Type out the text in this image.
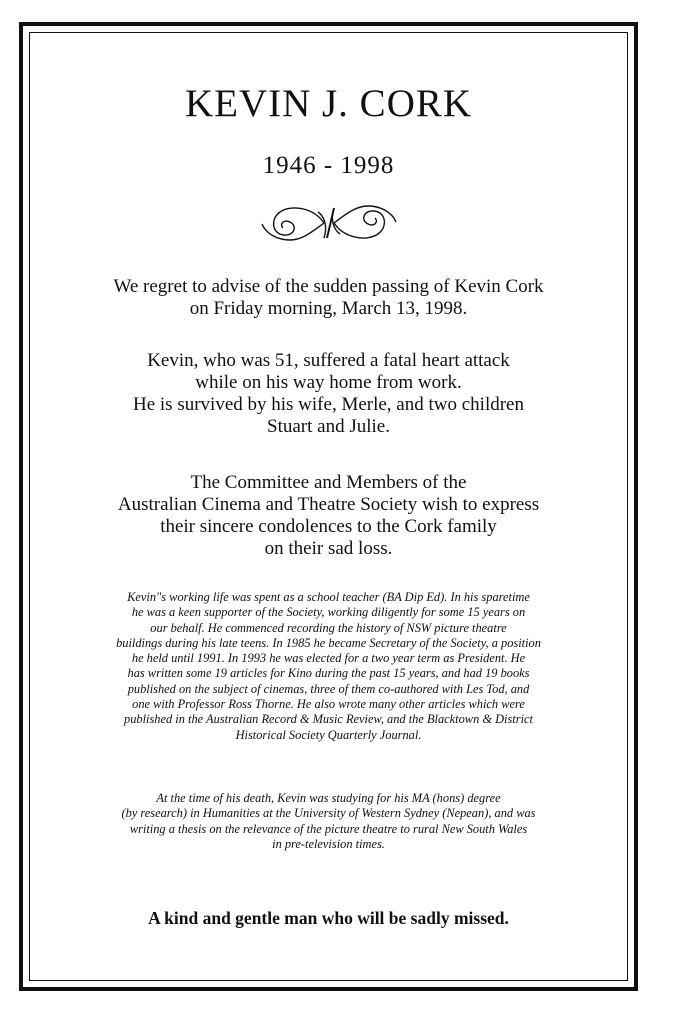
KEVIN J. CORK
1946 - 1998
We regret to advise of the sudden passing of Kevin Cork
on Friday morning, March 13, 1998.
Kevin, who was 51, suffered a fatal heart attack
while on his way home from work.
He is survived by his wife, Merle, and two children
Stuart and Julie.
The Committee and Members of the
Australian Cinema and Theatre Society wish to express
their sincere condolences to the Cork family
on their sad loss.
Kevin"s working life was spent as a school teacher (BA Dip Ed). In his sparetime
he was a keen supporter of the Society, working diligently for some 15 years on
our behalf. He commenced recording the history of NSW picture theatre
buildings during his late teens. In 1985 he became Secretary of the Society, a position
he held until 1991. In 1993 he was elected for a two year term as President. He
has written some 19 articles for Kino during the past 15 years, and had 19 books
published on the subject of cinemas, three of them co-authored with Les Tod, and
one with Professor Ross Thorne. He also wrote many other articles which were
published in the Australian Record & Music Review, and the Blacktown & District
Historical Society Quarterly Journal.
At the time of his death, Kevin was studying for his MA (hons) degree
(by research) in Humanities at the University of Western Sydney (Nepean), and was
writing a thesis on the relevance of the picture theatre to rural New South Wales
in pre-television times.
A kind and gentle man who will be sadly missed.
